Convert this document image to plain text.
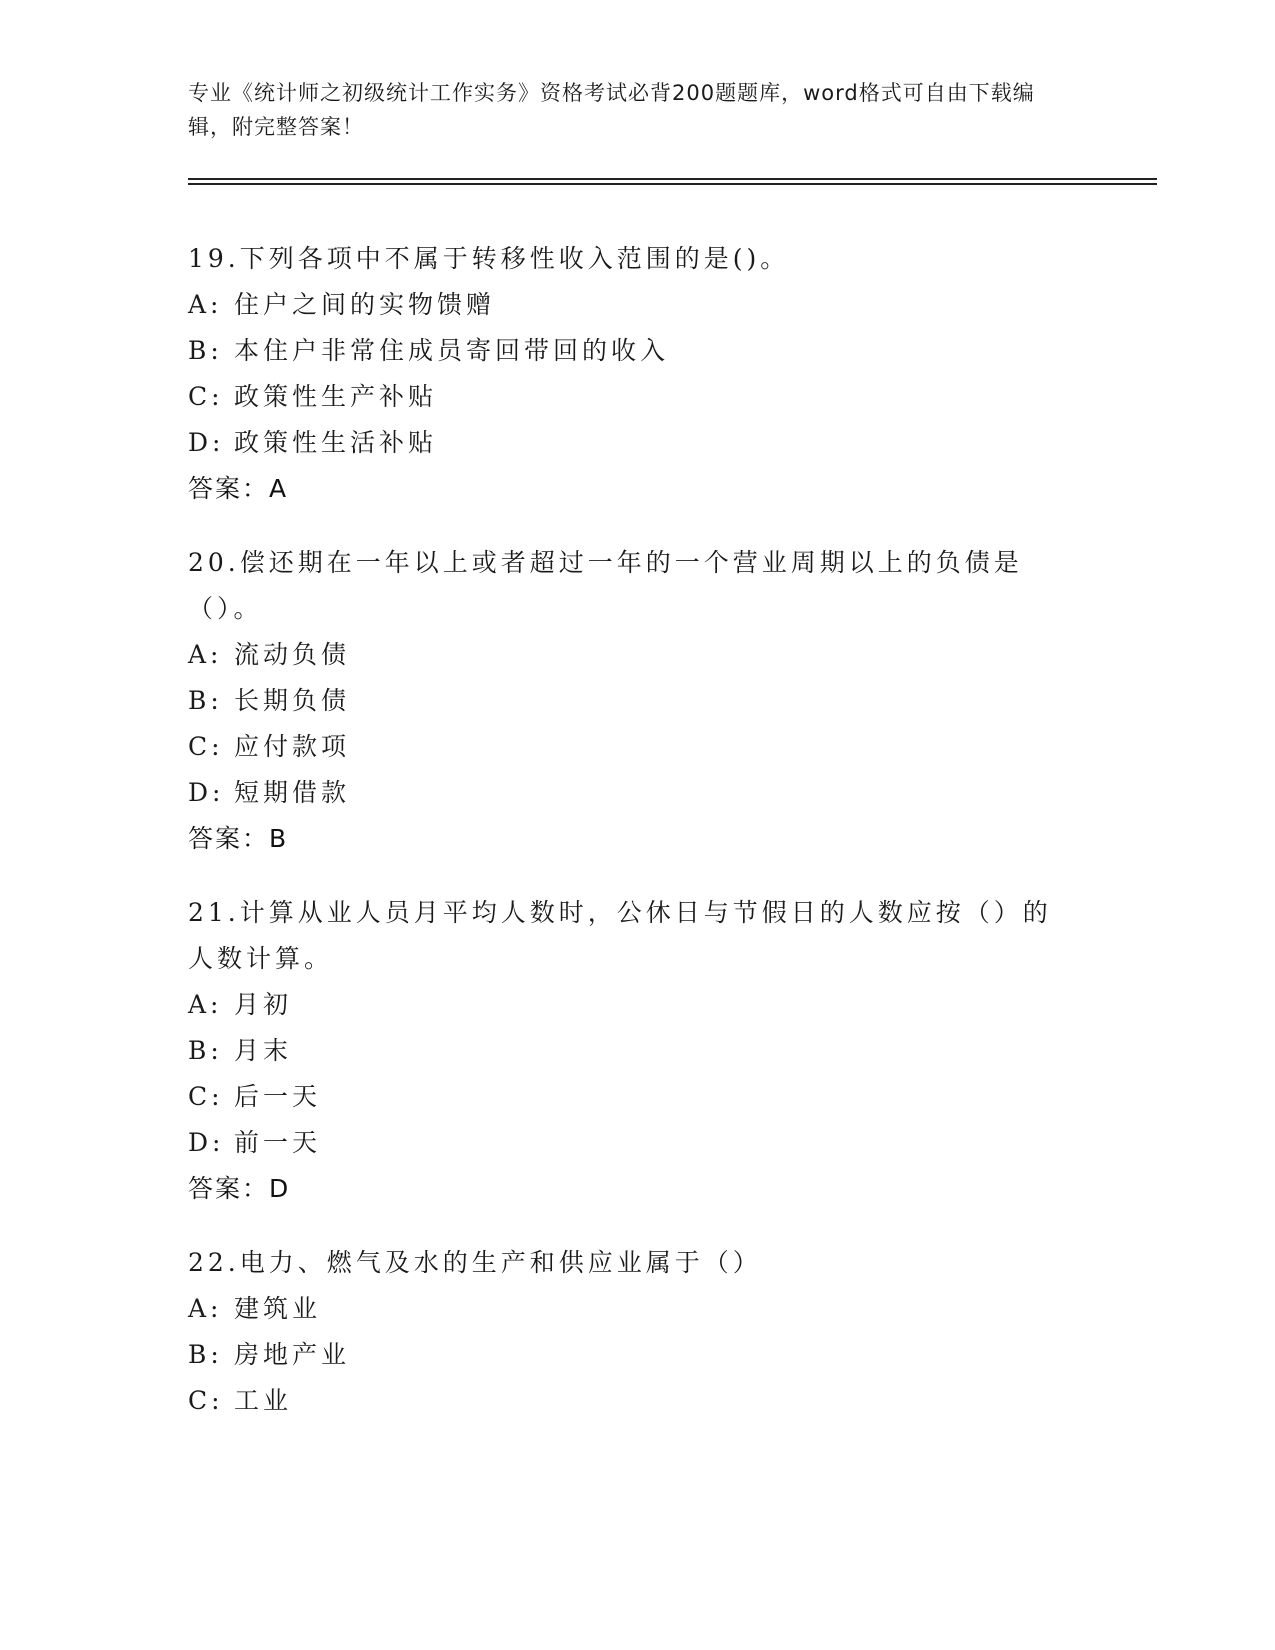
专业《统计师之初级统计工作实务》资格考试必背200题题库，word格式可自由下载编辑，附完整答案！
19.下列各项中不属于转移性收入范围的是()。
A: 住户之间的实物馈赠
B: 本住户非常住成员寄回带回的收入
C: 政策性生产补贴
D: 政策性生活补贴
答案：A
20.偿还期在一年以上或者超过一年的一个营业周期以上的负债是（）。
A: 流动负债
B: 长期负债
C: 应付款项
D: 短期借款
答案：B
21.计算从业人员月平均人数时，公休日与节假日的人数应按（）的人数计算。
A: 月初
B: 月末
C: 后一天
D: 前一天
答案：D
22.电力、燃气及水的生产和供应业属于（）
A: 建筑业
B: 房地产业
C: 工业
